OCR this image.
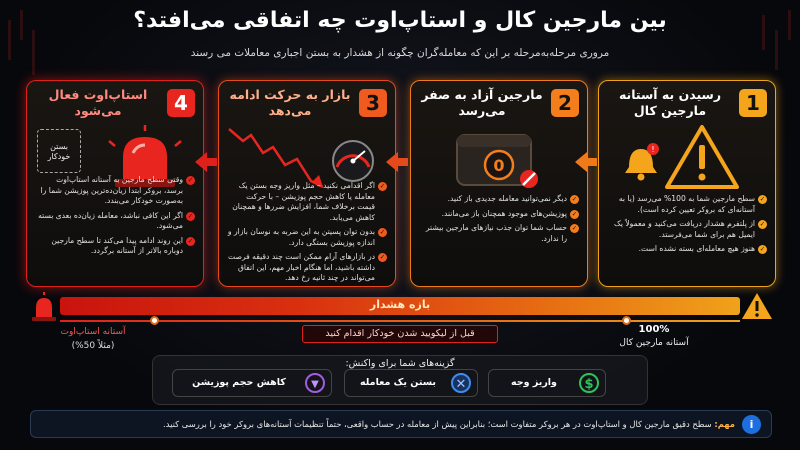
بین مارجین کال و استاپ‌اوت چه اتفاقی می‌افتد؟
مروری مرحله‌به‌مرحله بر این که معامله‌گران چگونه از هشدار به بستن اجباری معاملات می رسند
1
رسیدن به آستانه مارجین کال
!
✓
سطح مارجین شما به 100% می‌رسد (یا به آستانه‌ای که بروکر تعیین کرده است).
✓
از پلتفرم هشدار دریافت می‌کنید و معمولاً یک ایمیل هم برای شما می‌فرستد.
✓
هنوز هیچ معامله‌ای بسته نشده است.
2
مارجین آزاد به صفر می‌رسد
0
✓
دیگر نمی‌توانید معامله جدیدی باز کنید.
✓
پوزیشن‌های موجود همچنان باز می‌مانند.
✓
حساب شما توان جذب نیازهای مارجین بیشتر را ندارد.
3
بازار به حرکت ادامه می‌دهد
✓
اگر اقدامی نکنید – مثل واریز وجه بستن یک معامله یا کاهش حجم پوزیشن – با حرکت قیمت برخلاف شما، افزایش ضرر‌ها و همچنان کاهش می‌یابد.
✓
بدون توان پسیتن به این ضربه به نوسان بازار و اندازه پوزیشن بستگی دارد.
✓
در بازارهای آرام ممکن است چند دقیقه فرصت داشته باشید، اما هنگام اخبار مهم، این اتفاق می‌تواند در چند ثانیه رخ دهد.
4
استاپ‌اوت فعال می‌شود
بستن خودکار
✓
وقتی سطح مارجین به آستانه استاپ‌اوت برسد، بروکر ابتدا زیان‌ده‌ترین پوزیشن شما را به‌صورت خودکار می‌بندد.
✓
اگر این کافی نباشد، معامله زیان‌ده بعدی بسته می‌شود.
✓
این روند ادامه پیدا می‌کند تا سطح مارجین دوباره بالاتر از آستانه برگردد.
بازه هشدار
آستانه استاپ‌اوت
(مثلاً 50%)
100%
آستانه مارجین کال
قبل از لیکویید شدن خودکار اقدام کنید
گزینه‌های شما برای واکنش:
$
واریز وجه
✕
بستن یک معامله
▼
کاهش حجم پوزیشن
i
مهم: سطح دقیق مارجین کال و استاپ‌اوت در هر بروکر متفاوت است؛ بنابراین پیش از معامله در حساب واقعی، حتماً تنظیمات آستانه‌های بروکر خود را بررسی کنید.
